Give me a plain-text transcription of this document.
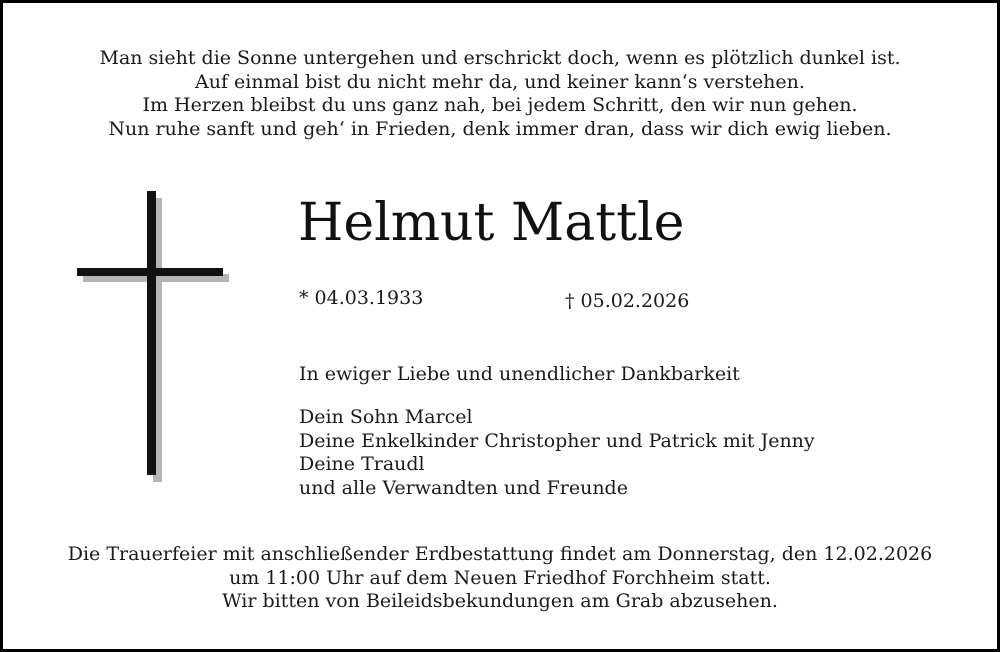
Man sieht die Sonne untergehen und erschrickt doch, wenn es plötzlich dunkel ist.
Auf einmal bist du nicht mehr da, und keiner kann‘s verstehen.
Im Herzen bleibst du uns ganz nah, bei jedem Schritt, den wir nun gehen.
Nun ruhe sanft und geh‘ in Frieden, denk immer dran, dass wir dich ewig lieben.
Helmut Mattle
* 04.03.1933	† 05.02.2026
In ewiger Liebe und unendlicher Dankbarkeit
Dein Sohn Marcel
Deine Enkelkinder Christopher und Patrick mit Jenny
Deine Traudl
und alle Verwandten und Freunde
Die Trauerfeier mit anschließender Erdbestattung findet am Donnerstag, den 12.02.2026
um 11:00 Uhr auf dem Neuen Friedhof Forchheim statt.
Wir bitten von Beileidsbekundungen am Grab abzusehen.
